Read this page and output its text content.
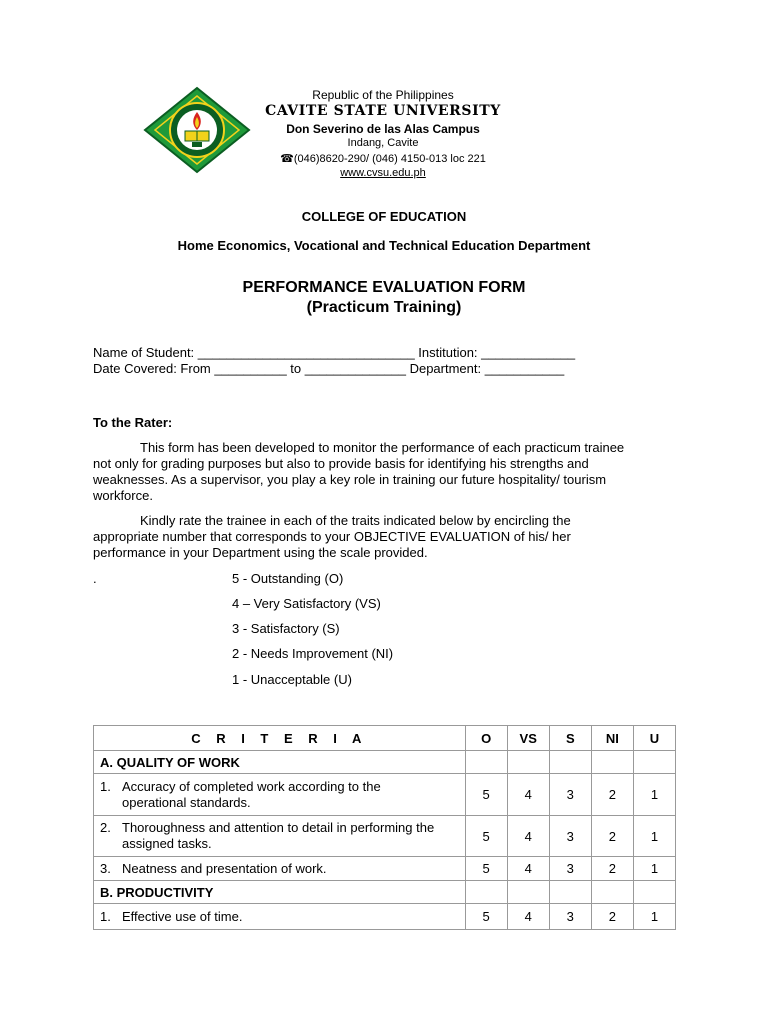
Republic of the Philippines
CAVITE STATE UNIVERSITY
Don Severino de las Alas Campus
Indang, Cavite
☎(046)8620-290/ (046) 4150-013 loc 221
www.cvsu.edu.ph
COLLEGE OF EDUCATION
Home Economics, Vocational and Technical Education Department
PERFORMANCE EVALUATION FORM
(Practicum Training)
Name of Student: ______________________________ Institution: _____________
Date Covered: From __________ to ______________ Department: ___________
To the Rater:
This form has been developed to monitor the performance of each practicum trainee
not only for grading purposes but also to provide basis for identifying his strengths and
weaknesses. As a supervisor, you play a key role in training our future hospitality/ tourism
workforce.
Kindly rate the trainee in each of the traits indicated below by encircling the
appropriate number that corresponds to your OBJECTIVE EVALUATION of his/ her
performance in your Department using the scale provided.
.	5 - Outstanding (O)
4 – Very Satisfactory (VS)
3 - Satisfactory (S)
2 - Needs Improvement (NI)
1 - Unacceptable (U)
C R I T E R I A	O	VS	S	NI	U
A. QUALITY OF WORK					

1. Accuracy of completed work according to the
operational standards.	5	4	3	2	1

2. Thoroughness and attention to detail in performing the
assigned tasks.	5	4	3	2	1

3. Neatness and presentation of work.	5	4	3	2	1
B. PRODUCTIVITY					

1. Effective use of time.	5	4	3	2	1
